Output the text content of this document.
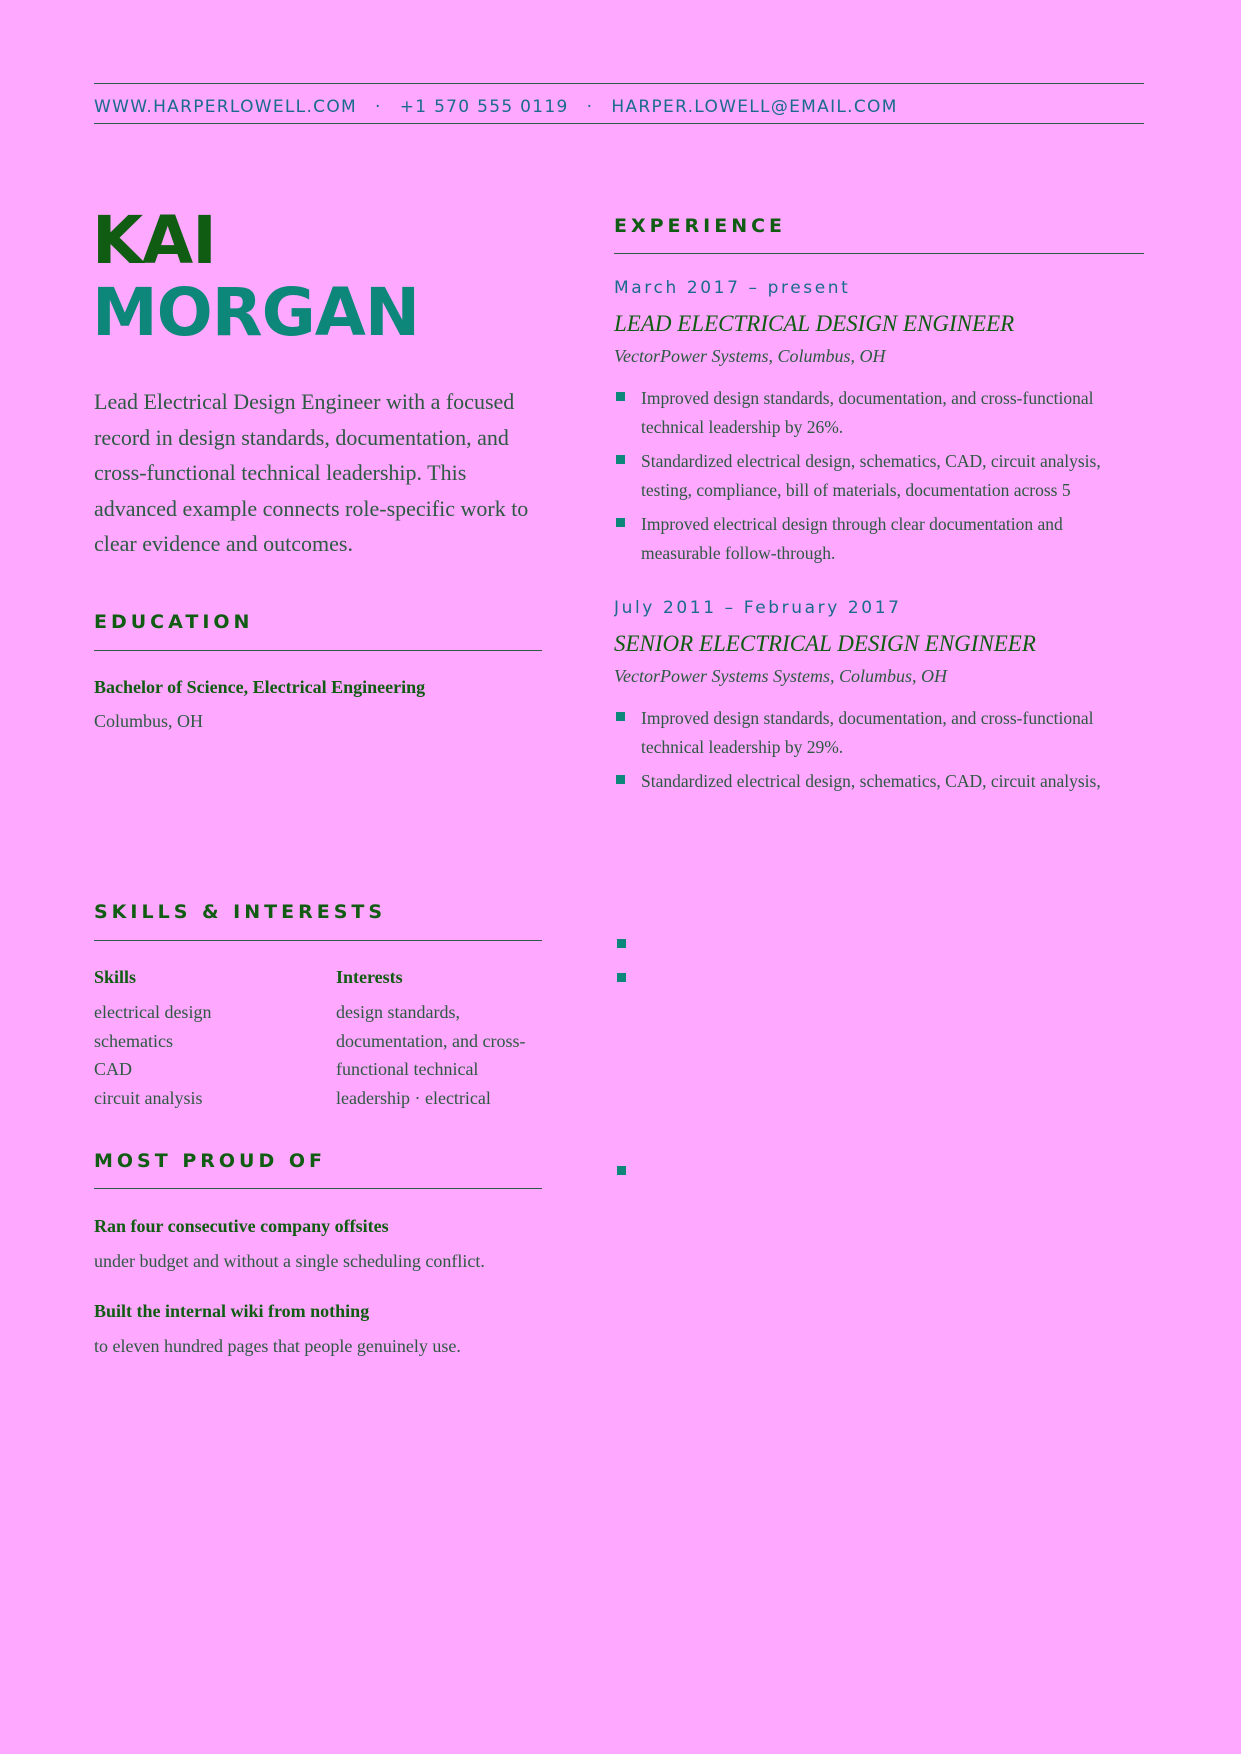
WWW.HARPERLOWELL.COM · +1 570 555 0119 · HARPER.LOWELL@EMAIL.COM
KAI
MORGAN
Lead Electrical Design Engineer with a focused record in design standards, documentation, and cross-functional technical leadership. This advanced example connects role-specific work to clear evidence and outcomes.
EDUCATION
Bachelor of Science, Electrical Engineering
Columbus, OH
EXPERIENCE
March 2017 – present
LEAD ELECTRICAL DESIGN ENGINEER
VectorPower Systems, Columbus, OH
Improved design standards, documentation, and cross-functional technical leadership by 26%.
Standardized electrical design, schematics, CAD, circuit analysis, testing, compliance, bill of materials, documentation across 5
Improved electrical design through clear documentation and measurable follow-through.
July 2011 – February 2017
SENIOR ELECTRICAL DESIGN ENGINEER
VectorPower Systems Systems, Columbus, OH
Improved design standards, documentation, and cross-functional technical leadership by 29%.
Standardized electrical design, schematics, CAD, circuit analysis,
SKILLS & INTERESTS
Skills	Interests
electrical design
schematics
CAD
circuit analysis
design standards,
documentation, and cross-
functional technical
leadership · electrical
MOST PROUD OF
Ran four consecutive company offsites
under budget and without a single scheduling conflict.
Built the internal wiki from nothing
to eleven hundred pages that people genuinely use.
